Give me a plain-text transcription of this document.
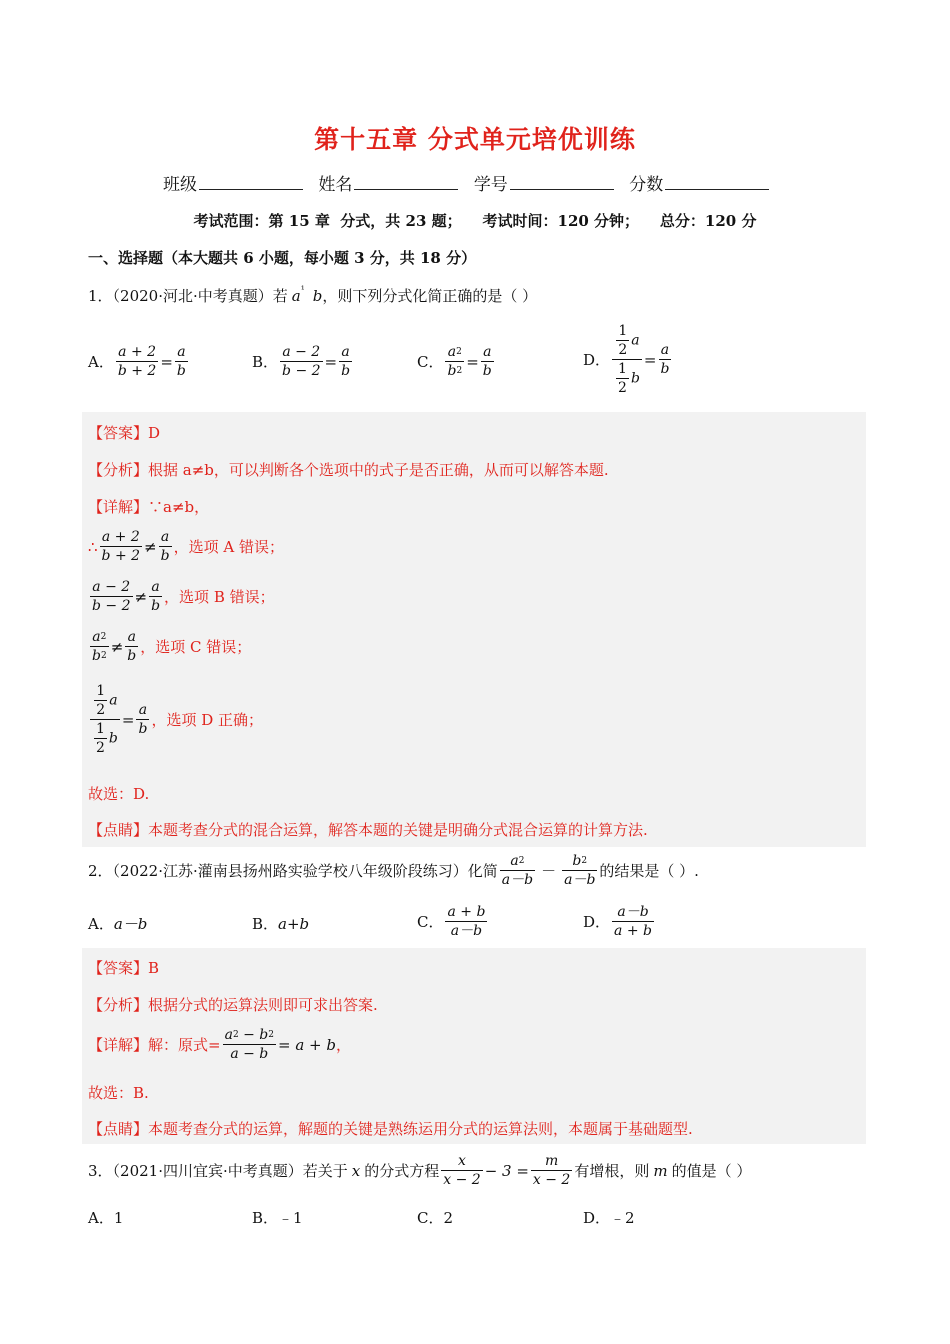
第十五章 分式单元培优训练
班级	姓名	学号	分数
考试范围：第 15 章  分式，共 23 题；    考试时间：120 分钟；    总分：120 分
一、选择题（本大题共 6 小题，每小题 3 分，共 18 分）
1．（2020·河北·中考真题）若 $a^{^1}$ b，则下列分式化简正确的是（ ）
A． $\frac{a + 2}{b + 2} = \frac{a}{b}$	B． $\frac{a - 2}{b - 2} = \frac{a}{b}$	C． $\frac{a^2}{b^2} = \frac{a}{b}$	D． $\frac{\frac{1}{2} a}{\frac{1}{2} b} = \frac{a}{b}$
【答案】D
【分析】根据 a≠b，可以判断各个选项中的式子是否正确，从而可以解答本题.
【详解】∵a≠b，
∴ $\frac{a + 2}{b + 2} \ne \frac{a}{b}$ ，选项 A 错误；
$\frac{a - 2}{b - 2} \ne \frac{a}{b}$ ，选项 B 错误；
$\frac{a^2}{b^2} \ne \frac{a}{b}$ ，选项 C 错误；
$\frac{\frac{1}{2} a}{\frac{1}{2} b} = \frac{a}{b}$ ，选项 D 正确；
故选：D.
【点睛】本题考查分式的混合运算，解答本题的关键是明确分式混合运算的计算方法.
2．（2022·江苏·灌南县扬州路实验学校八年级阶段练习）化简 $\frac{a^2}{a-b} - \frac{b^2}{a-b}$ 的结果是（ ）.
A． a－b	B． a+b	C． $\frac{a + b}{a-b}$	D． $\frac{a-b}{a + b}$
【答案】B
【分析】根据分式的运算法则即可求出答案.
【详解】解：原式= $\frac{a^2 - b^2}{a - b} = a + b$ ，
故选：B.
【点睛】本题考查分式的运算，解题的关键是熟练运用分式的运算法则，本题属于基础题型.
3．（2021·四川宜宾·中考真题）若关于 x 的分式方程 $\frac{x}{x - 2} - 3 = \frac{m}{x - 2}$ 有增根，则 m 的值是（ ）
A． 1	B． ﹣1	C． 2	D． ﹣2
